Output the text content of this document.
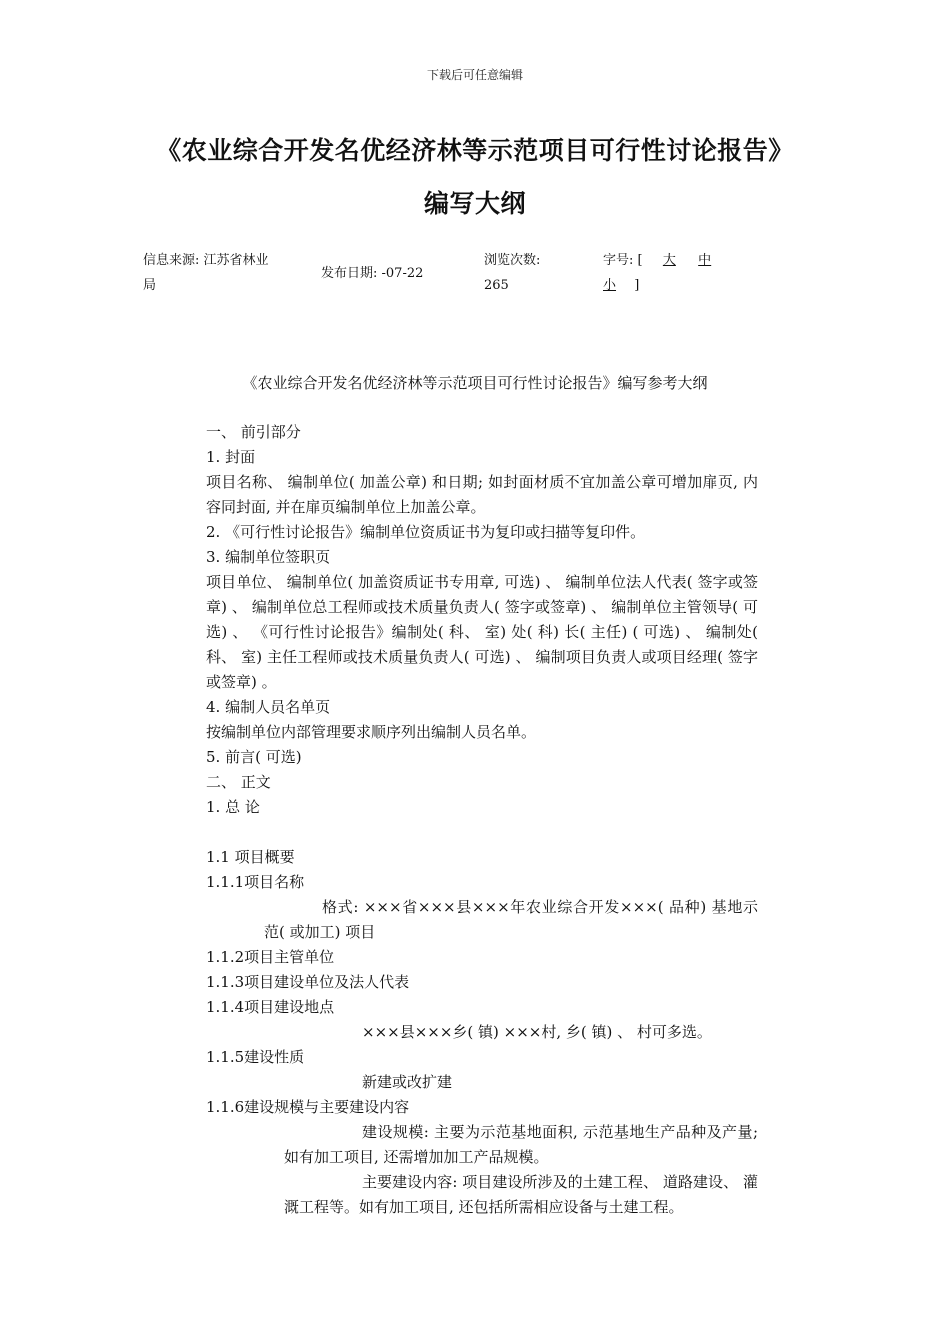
下载后可任意编辑
《农业综合开发名优经济林等示范项目可行性讨论报告》
编写大纲
信息来源: 江苏省林业
局
发布日期: -07-22
浏览次数:
265
字号: [ 大 中
小 ]
《农业综合开发名优经济林等示范项目可行性讨论报告》编写参考大纲

一、 前引部分

1. 封面

项目名称、 编制单位( 加盖公章) 和日期; 如封面材质不宜加盖公章可增加扉页, 内容同封面, 并在扉页编制单位上加盖公章。

2. 《可行性讨论报告》编制单位资质证书为复印或扫描等复印件。

3. 编制单位签职页

项目单位、 编制单位( 加盖资质证书专用章, 可选) 、 编制单位法人代表( 签字或签章) 、 编制单位总工程师或技术质量负责人( 签字或签章) 、 编制单位主管领导( 可选) 、 《可行性讨论报告》编制处( 科、 室) 处( 科) 长( 主任) ( 可选) 、 编制处( 科、 室) 主任工程师或技术质量负责人( 可选) 、 编制项目负责人或项目经理( 签字或签章) 。

4. 编制人员名单页

按编制单位内部管理要求顺序列出编制人员名单。

5. 前言( 可选)

二、 正文

1. 总 论

1.1 项目概要

1.1.1项目名称

格式: ×××省×××县×××年农业综合开发×××( 品种) 基地示范( 或加工) 项目

1.1.2项目主管单位

1.1.3项目建设单位及法人代表

1.1.4项目建设地点

×××县×××乡( 镇) ×××村, 乡( 镇) 、 村可多选。

1.1.5建设性质

新建或改扩建

1.1.6建设规模与主要建设内容

建设规模: 主要为示范基地面积, 示范基地生产品种及产量; 如有加工项目, 还需增加加工产品规模。

主要建设内容: 项目建设所涉及的土建工程、 道路建设、 灌溉工程等。如有加工项目, 还包括所需相应设备与土建工程。
